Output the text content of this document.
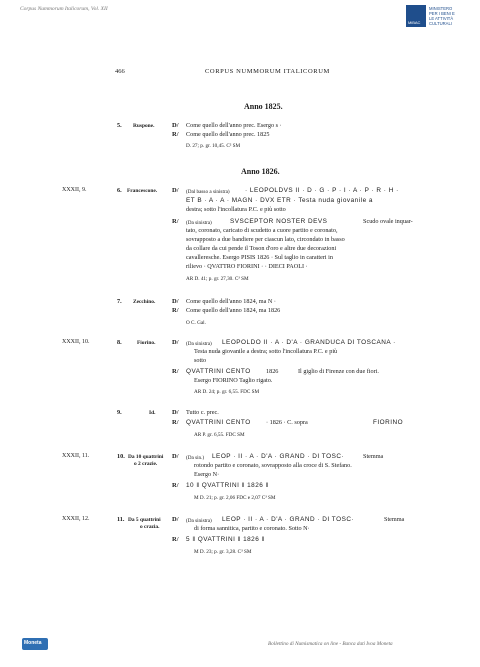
Corpus Nummorum Italicorum, Vol. XII
MiBAC
MINISTERO
PER I BENI E
LE ATTIVITÀ
CULTURALI
466	CORPUS NUMMORUM ITALICORUM
Anno 1825.
5. Ruspone.	D/ Come quello dell'anno prec. Esergo s ·
R/ Come quello dell'anno prec. 1825
D. 27; p. gr. 10,45. C² SM
Anno 1826.
XXXII, 9.	6. Francescone. D/ (Dal basso a sinistra) · LEOPOLDVS II · D · G · P · I · A · P · R · H ·
ET B · A · A · MAGN · DVX ETR · Testa nuda giovanile a
destra; sotto l'incollatura P.C. e più sotto
R/ (Da sinistra)	SVSCEPTOR NOSTER DEVS	Scudo ovale inquar-
tato, coronato, caricato di scudetto a cuore partito e coronato,
sovrapposto a due bandiere per ciascun lato, circondato in basso
da collare da cui pende il Toson d'oro e altre due decorazioni
cavalleresche. Esergo PISIS 1826 · Sul taglio in caratteri in
rilievo · QVATTRO FIORINI · · DIECI PAOLI ·
AR D. 41; p. gr. 27,30. C³ SM
7. Zecchino.	D/ Come quello dell'anno 1824, ma N ·
R/ Come quello dell'anno 1824, ma 1826
O C. Gal.
XXXII, 10.	8.	Fiorino.	D/ (Da sinistra) LEOPOLDO II · A · D'A · GRANDUCA DI TOSCANA ·
Testa nuda giovanile a destra; sotto l'incollatura P.C. e più
sotto
R/ QVATTRINI CENTO 1826	Il giglio di Firenze con due fiori.
Esergo FIORINO Taglio rigato.
AR D. 24; p. gr. 6,55. FDC SM
9.	Id.	D/ Tutto c. prec.
R/ QVATTRINI CENTO · 1826 · C. sopra	FIORINO
AR P. gr. 6,55. FDC SM
XXXII, 11.	10. Da 10 quattrini
o 2 crazie.
D/ (Da sin.) LEOP · II · A · D'A · GRAND · DI TOSC·	Stemma
rotondo partito e coronato, sovrapposto alla croce di S. Stefano.
Esergo N·
R/ 10 ‖ QVATTRINI ‖ 1826 ‖
M D. 21; p. gr. 2,06 FDC e 2,07 C³ SM
XXXII, 12.	11. Da 5 quattrini
o crazia.
D/ (Da sinistra) LEOP · II · A · D'A · GRAND · DI TOSC·	Stemma
di forma sannitica, partito e coronato. Sotto N·
R/ 5 ‖ QVATTRINI ‖ 1826 ‖
M D. 23; p. gr. 3,28. C³ SM
Moneta	Bollettino di Numismatica on line - Banca dati Ivoa Moneta
